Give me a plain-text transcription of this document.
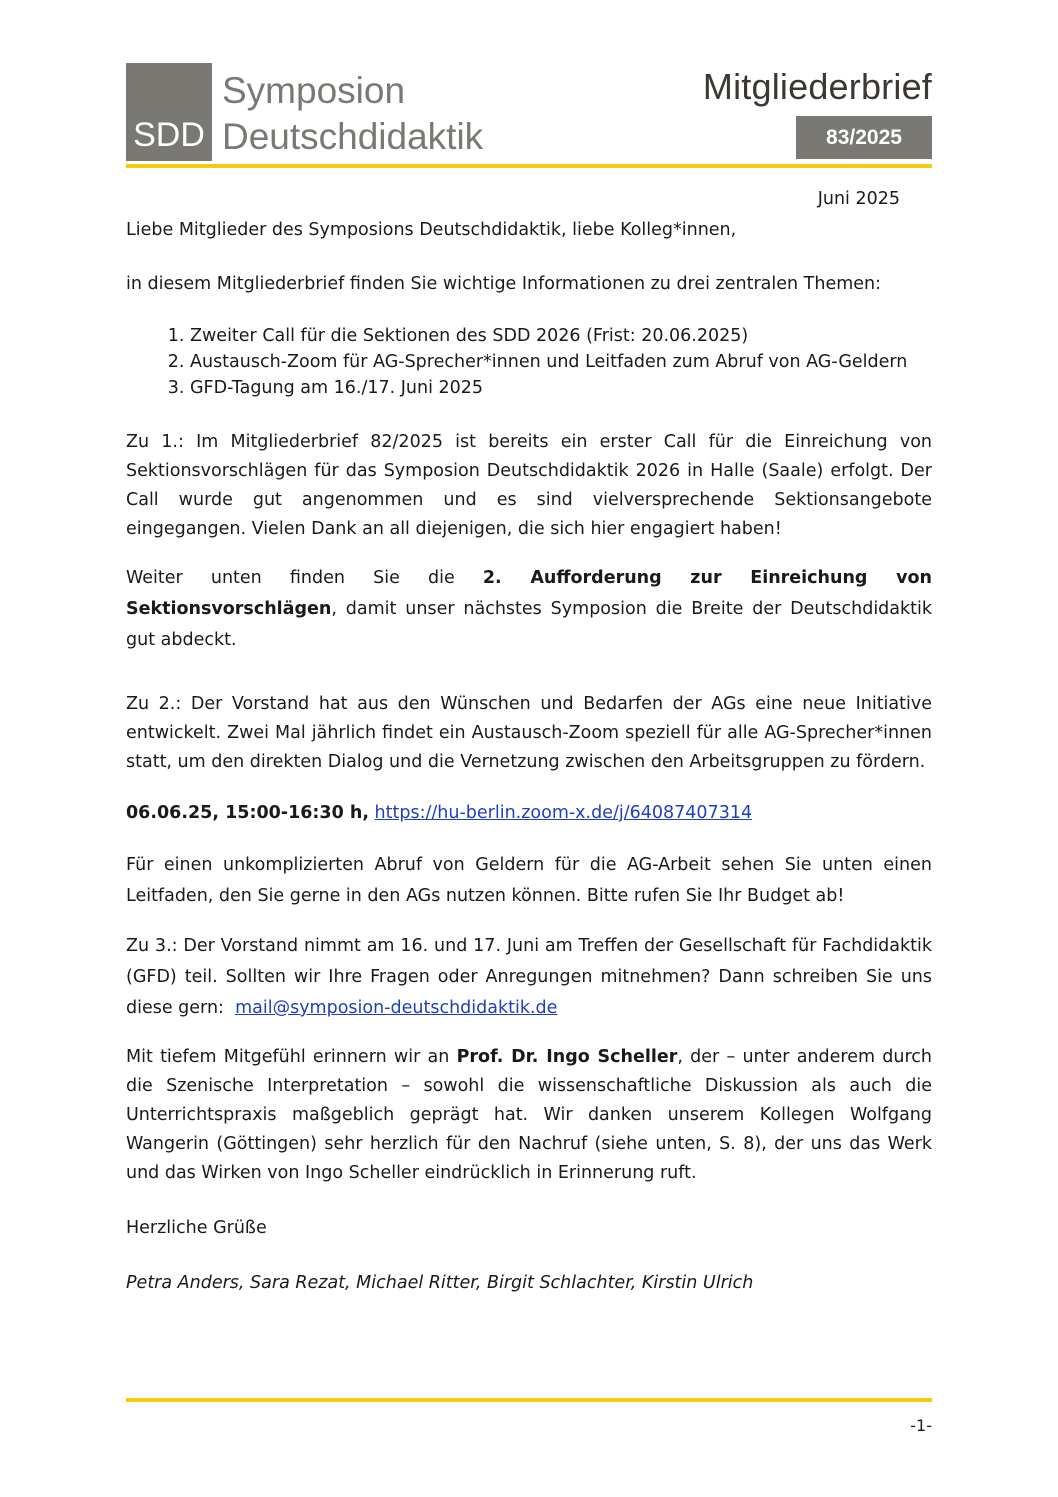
SDD
Symposion
Deutschdidaktik
Mitgliederbrief
83/2025
Juni 2025

Liebe Mitglieder des Symposions Deutschdidaktik, liebe Kolleg*innen,

in diesem Mitgliederbrief finden Sie wichtige Informationen zu drei zentralen Themen:

1. Zweiter Call für die Sektionen des SDD 2026 (Frist: 20.06.2025)
2. Austausch-Zoom für AG-Sprecher*innen und Leitfaden zum Abruf von AG-Geldern
3. GFD-Tagung am 16./17. Juni 2025

Zu 1.: Im Mitgliederbrief 82/2025 ist bereits ein erster Call für die Einreichung von Sektionsvorschlägen für das Symposion Deutschdidaktik 2026 in Halle (Saale) erfolgt. Der Call wurde gut angenommen und es sind vielversprechende Sektionsangebote eingegangen. Vielen Dank an all diejenigen, die sich hier engagiert haben!

Weiter unten finden Sie die 2. Aufforderung zur Einreichung von Sektionsvorschlägen, damit unser nächstes Symposion die Breite der Deutschdidaktik gut abdeckt.

Zu 2.: Der Vorstand hat aus den Wünschen und Bedarfen der AGs eine neue Initiative entwickelt. Zwei Mal jährlich findet ein Austausch-Zoom speziell für alle AG-Sprecher*innen statt, um den direkten Dialog und die Vernetzung zwischen den Arbeitsgruppen zu fördern.

06.06.25, 15:00-16:30 h, https://hu-berlin.zoom-x.de/j/64087407314

Für einen unkomplizierten Abruf von Geldern für die AG-Arbeit sehen Sie unten einen Leitfaden, den Sie gerne in den AGs nutzen können. Bitte rufen Sie Ihr Budget ab!

Zu 3.: Der Vorstand nimmt am 16. und 17. Juni am Treffen der Gesellschaft für Fachdidaktik (GFD) teil. Sollten wir Ihre Fragen oder Anregungen mitnehmen? Dann schreiben Sie uns diese gern: mail@symposion-deutschdidaktik.de

Mit tiefem Mitgefühl erinnern wir an Prof. Dr. Ingo Scheller, der – unter anderem durch die Szenische Interpretation – sowohl die wissenschaftliche Diskussion als auch die Unterrichtspraxis maßgeblich geprägt hat. Wir danken unserem Kollegen Wolfgang Wangerin (Göttingen) sehr herzlich für den Nachruf (siehe unten, S. 8), der uns das Werk und das Wirken von Ingo Scheller eindrücklich in Erinnerung ruft.

Herzliche Grüße

Petra Anders, Sara Rezat, Michael Ritter, Birgit Schlachter, Kirstin Ulrich

-1-
